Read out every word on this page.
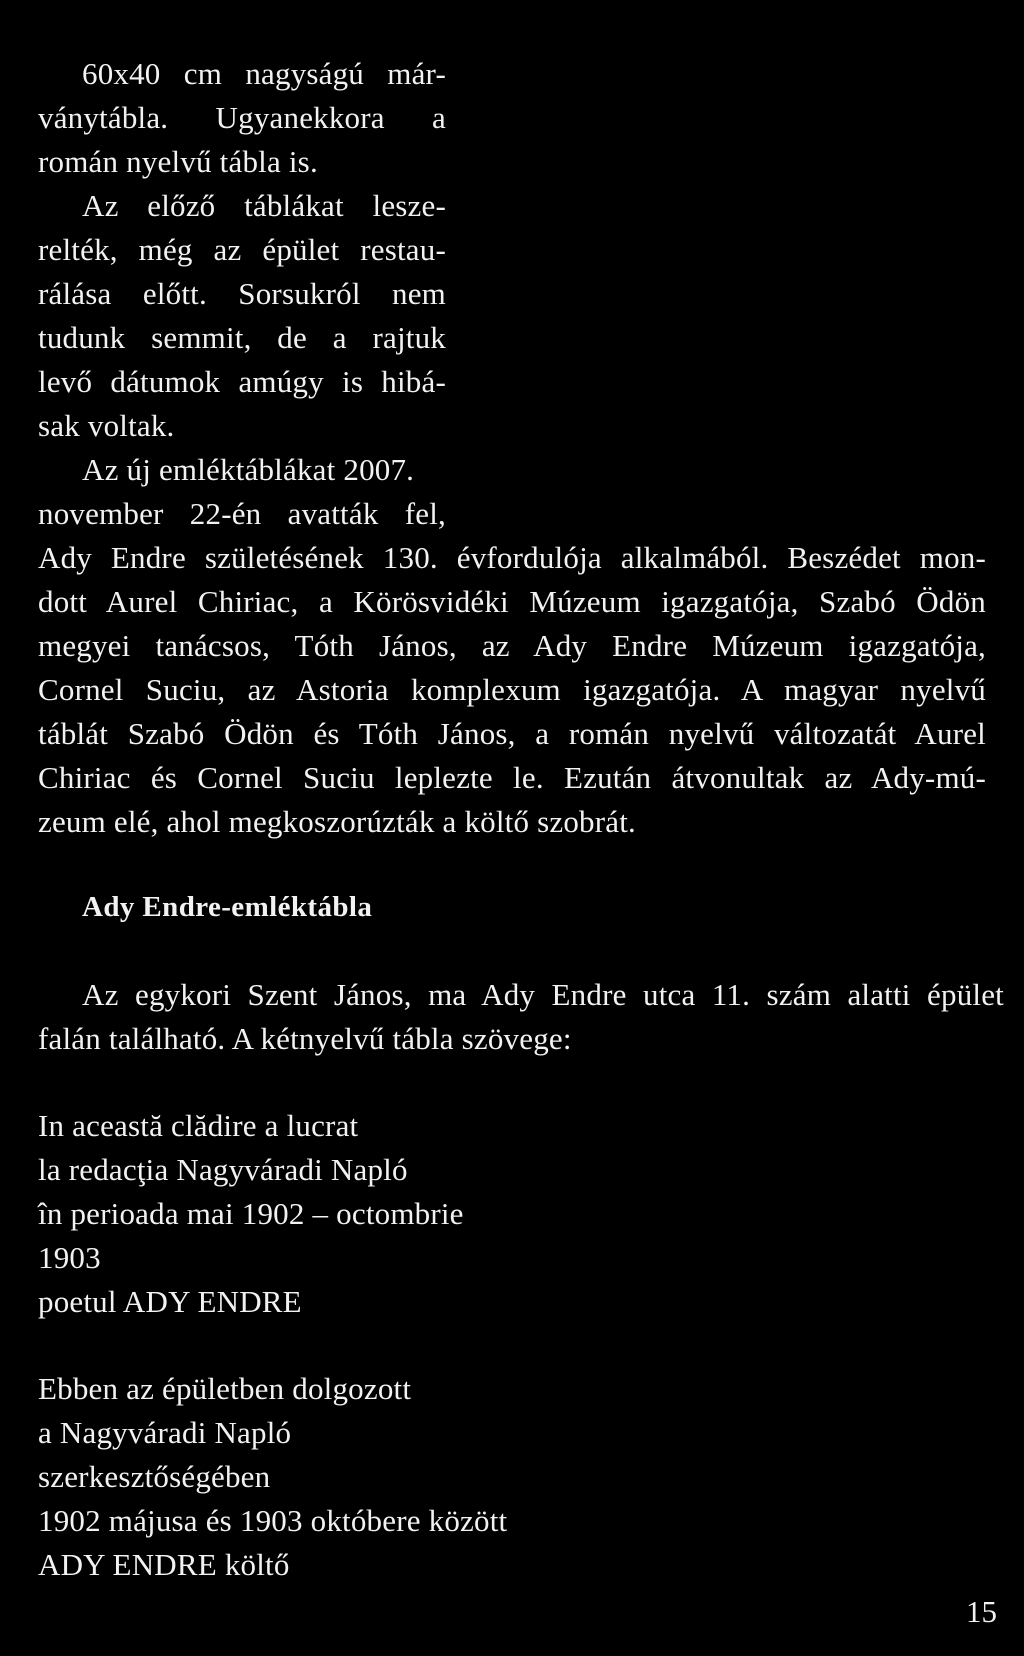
60x40 cm nagyságú már-
ványtábla. Ugyanekkora a
román nyelvű tábla is.
Az előző táblákat lesze-
relték, még az épület restau-
rálása előtt. Sorsukról nem
tudunk semmit, de a rajtuk
levő dátumok amúgy is hibá-
sak voltak.
Az új emléktáblákat 2007.
november 22-én avatták fel,
Ady Endre születésének 130. évfordulója alkalmából. Beszédet mon-
dott Aurel Chiriac, a Körösvidéki Múzeum igazgatója, Szabó Ödön
megyei tanácsos, Tóth János, az Ady Endre Múzeum igazgatója,
Cornel Suciu, az Astoria komplexum igazgatója. A magyar nyelvű
táblát Szabó Ödön és Tóth János, a román nyelvű változatát Aurel
Chiriac és Cornel Suciu leplezte le. Ezután átvonultak az Ady-mú-
zeum elé, ahol megkoszorúzták a költő szobrát.
Ady Endre-emléktábla
Az egykori Szent János, ma Ady Endre utca 11. szám alatti épület
falán található. A kétnyelvű tábla szövege:
In această clădire a lucrat
la redacţia Nagyváradi Napló
în perioada mai 1902 – octombrie
1903
poetul ADY ENDRE
Ebben az épületben dolgozott
a Nagyváradi Napló
szerkesztőségében
1902 májusa és 1903 októbere között
ADY ENDRE költő
15
